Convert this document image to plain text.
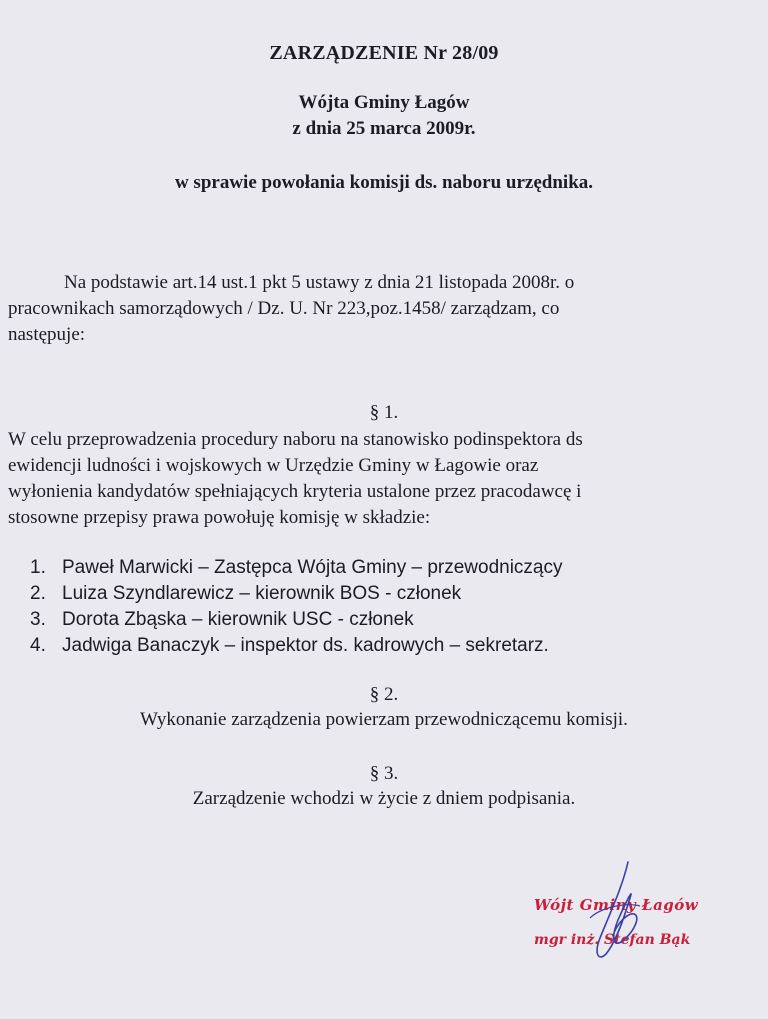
ZARZĄDZENIE Nr 28/09
Wójta Gminy Łagów
z dnia 25 marca 2009r.
w sprawie powołania komisji ds. naboru urzędnika.
Na podstawie art.14 ust.1 pkt 5 ustawy z dnia 21 listopada 2008r. o
pracownikach samorządowych / Dz. U. Nr 223,poz.1458/ zarządzam, co
następuje:
§ 1.
W celu przeprowadzenia procedury naboru na stanowisko podinspektora ds
ewidencji ludności i wojskowych w Urzędzie Gminy w Łagowie oraz
wyłonienia kandydatów spełniających kryteria ustalone przez pracodawcę i
stosowne przepisy prawa powołuję komisję w składzie:
1. Paweł Marwicki – Zastępca Wójta Gminy – przewodniczący
2. Luiza Szyndlarewicz – kierownik BOS - członek
3. Dorota Zbąska – kierownik USC - członek
4. Jadwiga Banaczyk – inspektor ds. kadrowych – sekretarz.
§ 2.
Wykonanie zarządzenia powierzam przewodniczącemu komisji.
§ 3.
Zarządzenie wchodzi w życie z dniem podpisania.
Wójt Gminy Łagów
mgr inż. Stefan Bąk
